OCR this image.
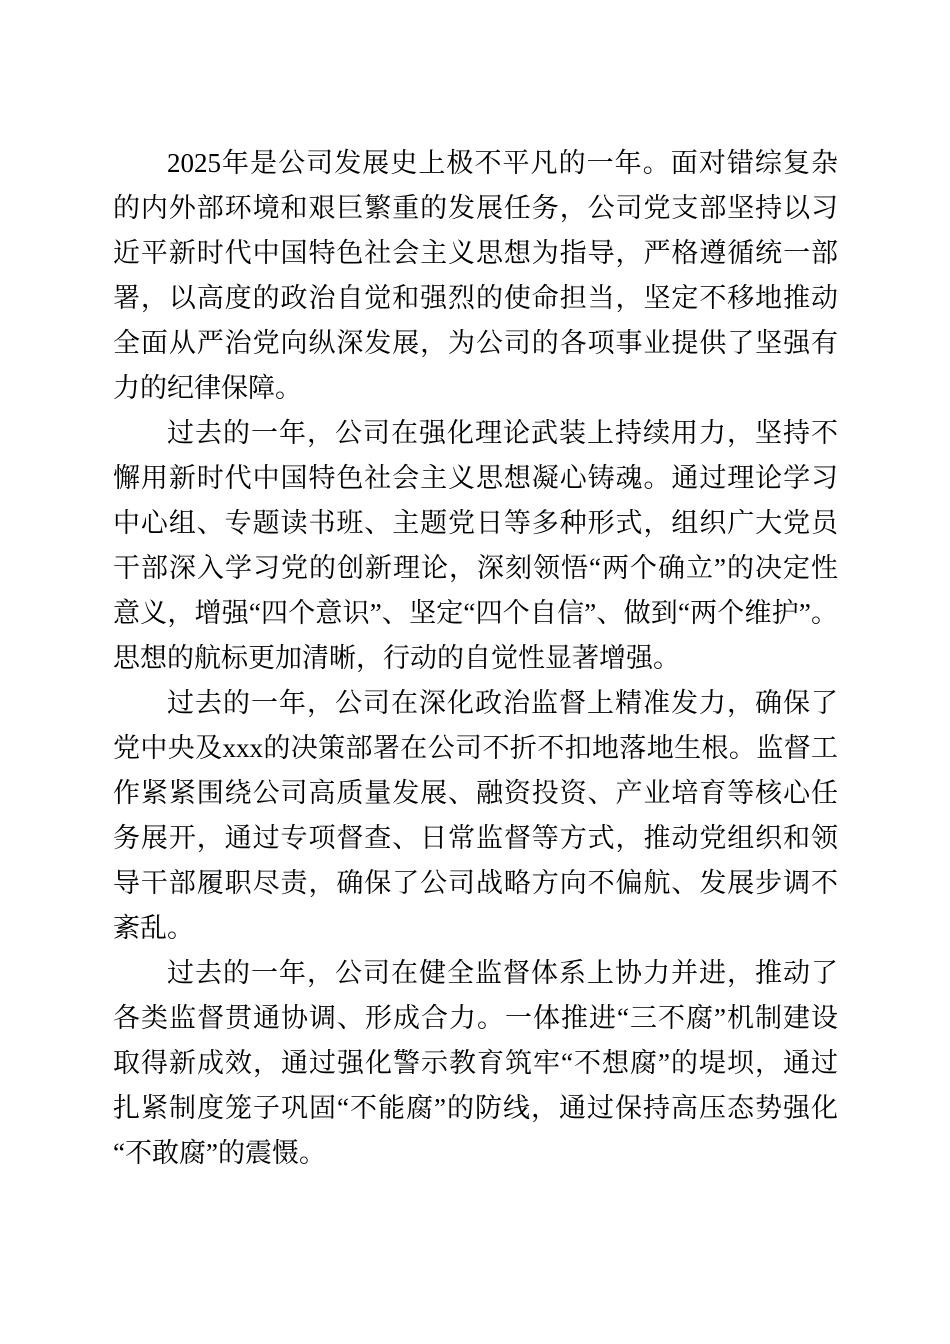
2025年是公司发展史上极不平凡的一年。面对错综复杂的内外部环境和艰巨繁重的发展任务，公司党支部坚持以习近平新时代中国特色社会主义思想为指导，严格遵循统一部署，以高度的政治自觉和强烈的使命担当，坚定不移地推动全面从严治党向纵深发展，为公司的各项事业提供了坚强有力的纪律保障。

过去的一年，公司在强化理论武装上持续用力，坚持不懈用新时代中国特色社会主义思想凝心铸魂。通过理论学习中心组、专题读书班、主题党日等多种形式，组织广大党员干部深入学习党的创新理论，深刻领悟“两个确立”的决定性意义，增强“四个意识”、坚定“四个自信”、做到“两个维护”。思想的航标更加清晰，行动的自觉性显著增强。

过去的一年，公司在深化政治监督上精准发力，确保了党中央及xxx的决策部署在公司不折不扣地落地生根。监督工作紧紧围绕公司高质量发展、融资投资、产业培育等核心任务展开，通过专项督查、日常监督等方式，推动党组织和领导干部履职尽责，确保了公司战略方向不偏航、发展步调不紊乱。

过去的一年，公司在健全监督体系上协力并进，推动了各类监督贯通协调、形成合力。一体推进“三不腐”机制建设取得新成效，通过强化警示教育筑牢“不想腐”的堤坝，通过扎紧制度笼子巩固“不能腐”的防线，通过保持高压态势强化“不敢腐”的震慑。
